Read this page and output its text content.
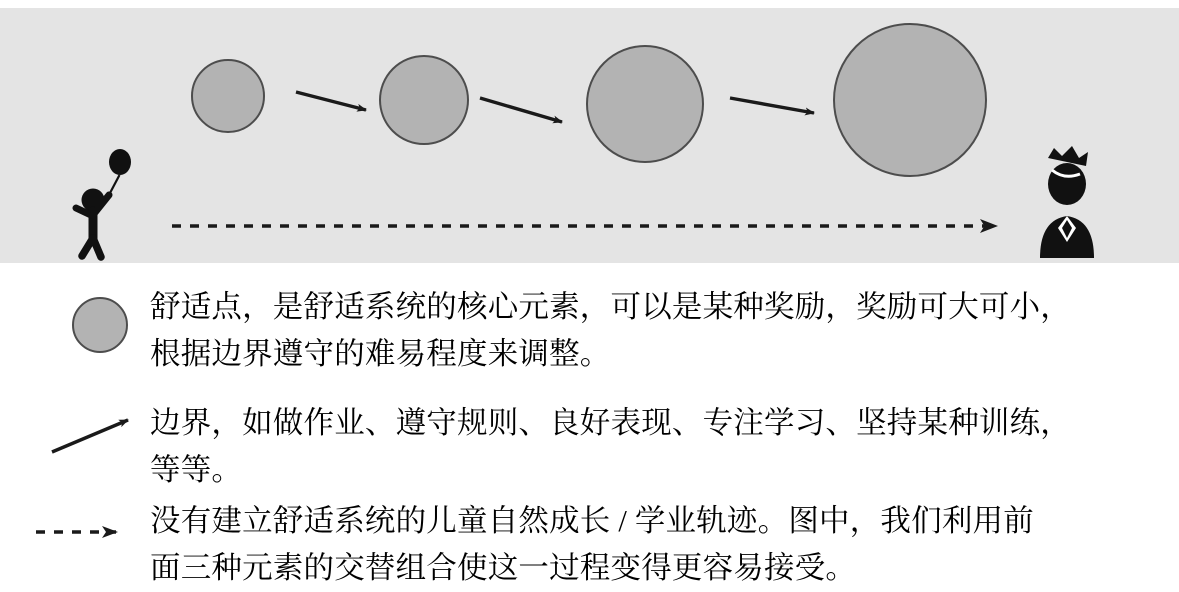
舒适点，是舒适系统的核心元素，可以是某种奖励，奖励可大可小，
根据边界遵守的难易程度来调整。
边界，如做作业、遵守规则、良好表现、专注学习、坚持某种训练，
等等。
没有建立舒适系统的儿童自然成长 / 学业轨迹。图中，我们利用前
面三种元素的交替组合使这一过程变得更容易接受。
